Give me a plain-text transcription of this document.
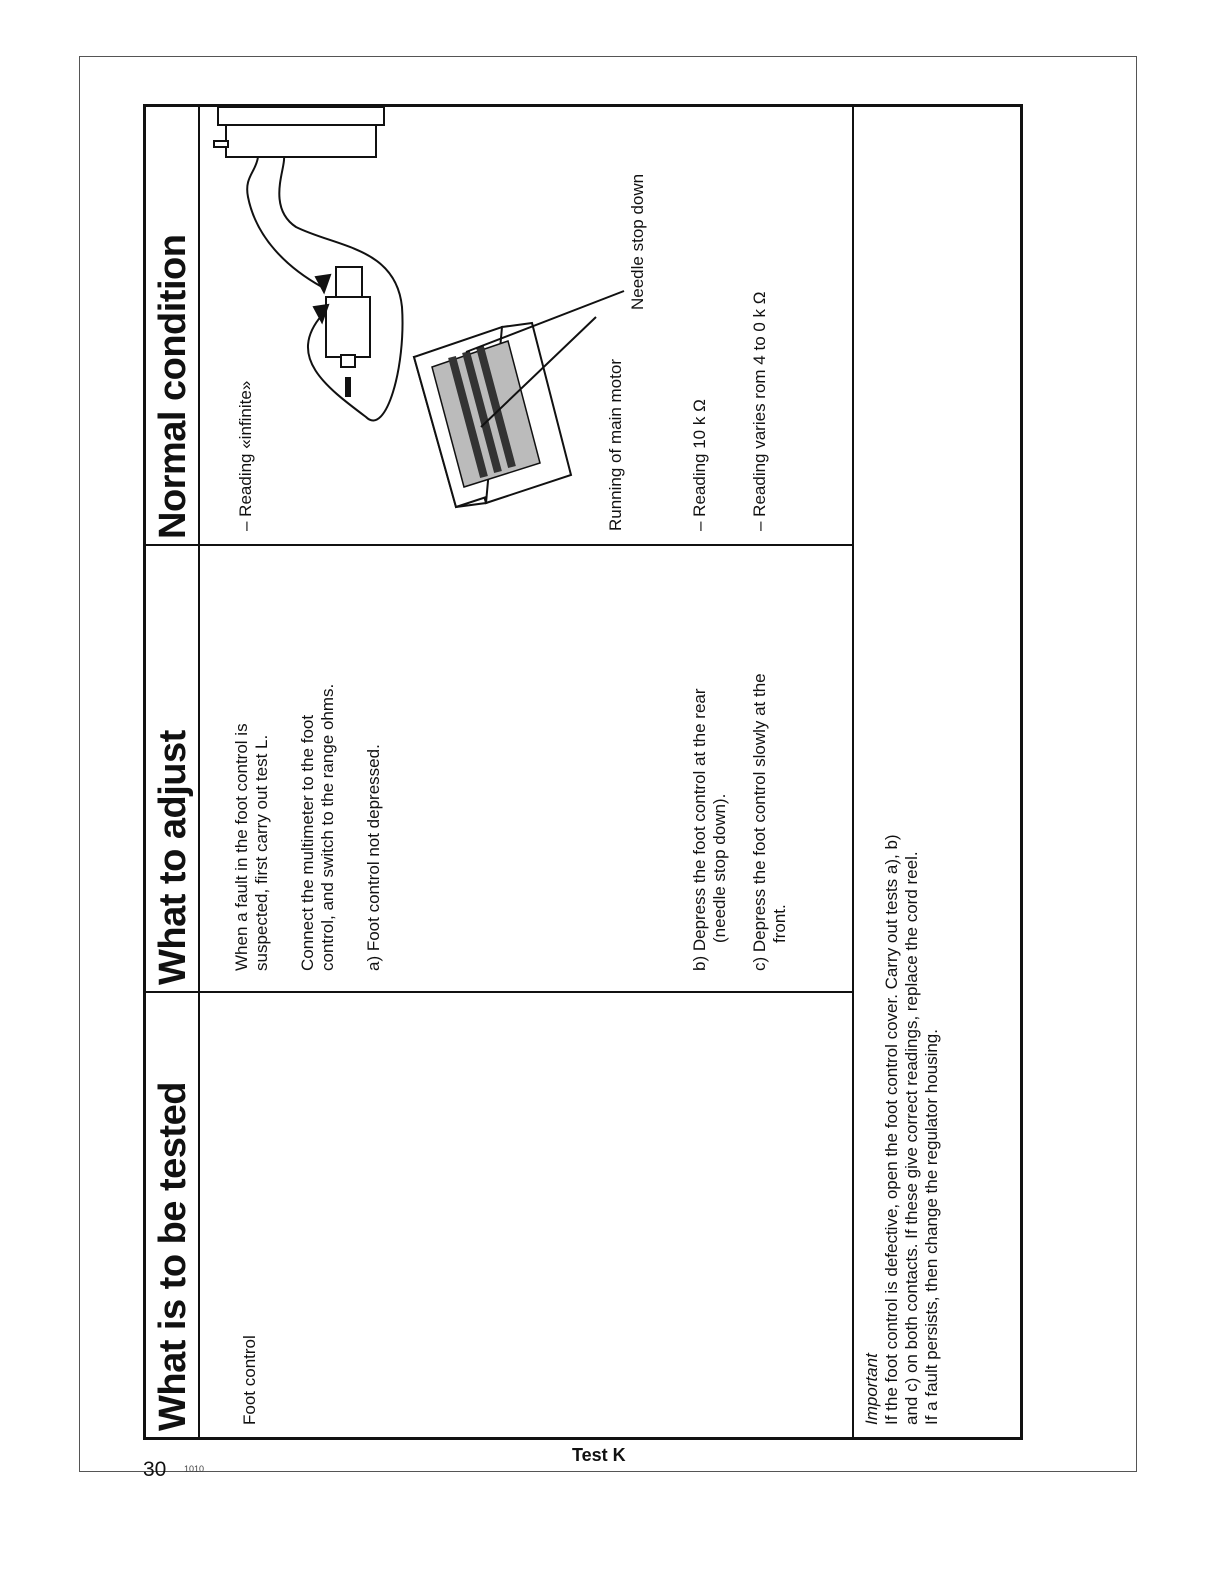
What is to be tested
What to adjust
Normal condition
Foot control
When a fault in the foot control is suspected, first carry out test L. Connect the multimeter to the foot control, and switch to the range ohms. a) Foot control not depressed.	b) Depress the foot control at the rear (needle stop down). c) Depress the foot control slowly at the front.
– Reading «infinite»	Running of main motor
Needle stop down
– Reading 10 k Ω – Reading varies rom 4 to 0 k Ω
Important If the foot control is defective, open the foot control cover. Carry out tests a), b) and c) on both contacts. If these give correct readings, replace the cord reel. If a fault persists, then change the regulator housing.
Test K
30 1010
